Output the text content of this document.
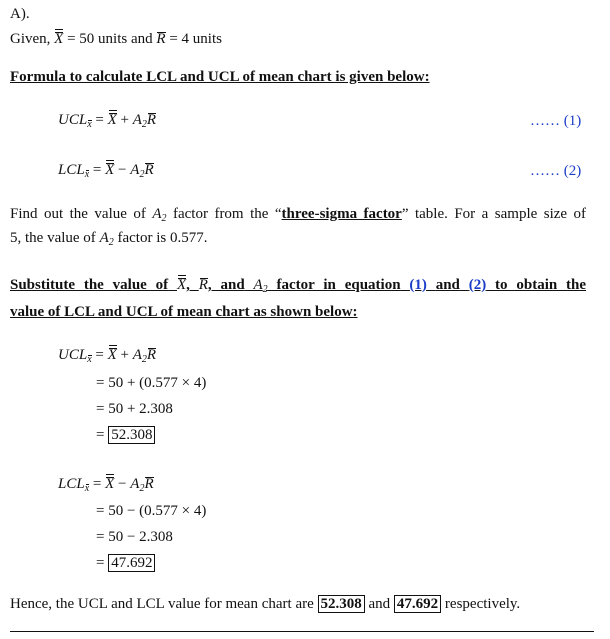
A).
Given, X = 50 units and R = 4 units
Formula to calculate LCL and UCL of mean chart is given below:
$UCL_x = X + A_2R$	…… (1)
$LCL_x = X - A_2R$	…… (2)
Find out the value of $A_2$ factor from the “three-sigma factor” table. For a sample size of
5, the value of $A_2$ factor is 0.577.
Substitute the value of X, R, and $A_2$ factor in equation (1) and (2) to obtain the
value of LCL and UCL of mean chart as shown below:
$UCL_x = X + A_2R$
= 50 + (0.577 × 4)
= 50 + 2.308
= 52.308
$LCL_x = X - A_2R$
= 50 − (0.577 × 4)
= 50 − 2.308
= 47.692
Hence, the UCL and LCL value for mean chart are 52.308 and 47.692 respectively.
